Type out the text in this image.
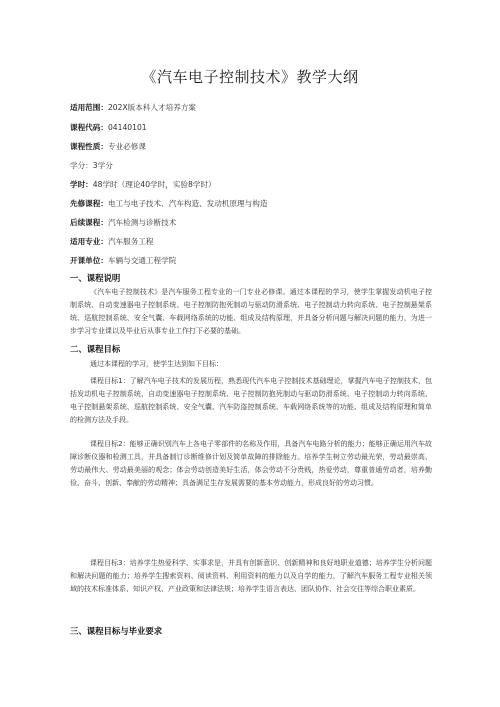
《汽车电子控制技术》教学大纲
适用范围：202X版本科人才培养方案
课程代码：04140101
课程性质：专业必修课
学分：3学分
学时：48学时（理论40学时，实验8学时）
先修课程：电工与电子技术、汽车构造、发动机原理与构造
后续课程：汽车检测与诊断技术
适用专业：汽车服务工程
开课单位：车辆与交通工程学院
一、课程说明

《汽车电子控制技术》是汽车服务工程专业的一门专业必修课。通过本课程的学习，使学生掌握发动机电子控制系统、自动变速器电子控制系统、电子控制防抱死制动与驱动防滑系统、电子控制动力转向系统、电子控制悬架系统、巡航控制系统、安全气囊、车载网络系统的功能、组成及结构原理，并具备分析问题与解决问题的能力，为进一步学习专业课以及毕业后从事专业工作打下必要的基础。

二、课程目标

通过本课程的学习，使学生达到如下目标：

课程目标1：了解汽车电子技术的发展历程，熟悉现代汽车电子控制技术基础理论，掌握汽车电子控制技术，包括发动机电子控制系统、自动变速器电子控制系统、电子控制防抱死制动与驱动防滑系统、电子控制动力转向系统、电子控制悬架系统、巡航控制系统、安全气囊、汽车防盗控制系统、车载网络系统等的功能、组成及结构原理和简单的检测方法及手段。

课程目标2：能够正确识别汽车上各电子零部件的名称及作用，具备汽车电路分析的能力；能够正确运用汽车故障诊断仪器和检测工具，并具备制订诊断维修计划及简单故障的排除能力。培养学生树立劳动最光荣，劳动最崇高、劳动最伟大、劳动最美丽的观念；体会劳动创造美好生活，体会劳动不分贵贱，热爱劳动，尊重普通劳动者，培养勤俭、奋斗、创新、奉献的劳动精神；具备满足生存发展需要的基本劳动能力，形成良好的劳动习惯。

课程目标3：培养学生热爱科学、实事求是，并具有创新意识、创新精神和良好地职业道德；培养学生分析问题和解决问题的能力；培养学生搜索资料、阅读资料、利用资料的能力以及自学的能力，了解汽车服务工程专业相关领域的技术标准体系、知识产权、产业政策和法律法规；培养学生语言表达、团队协作、社会交往等综合职业素质。

三、课程目标与毕业要求
